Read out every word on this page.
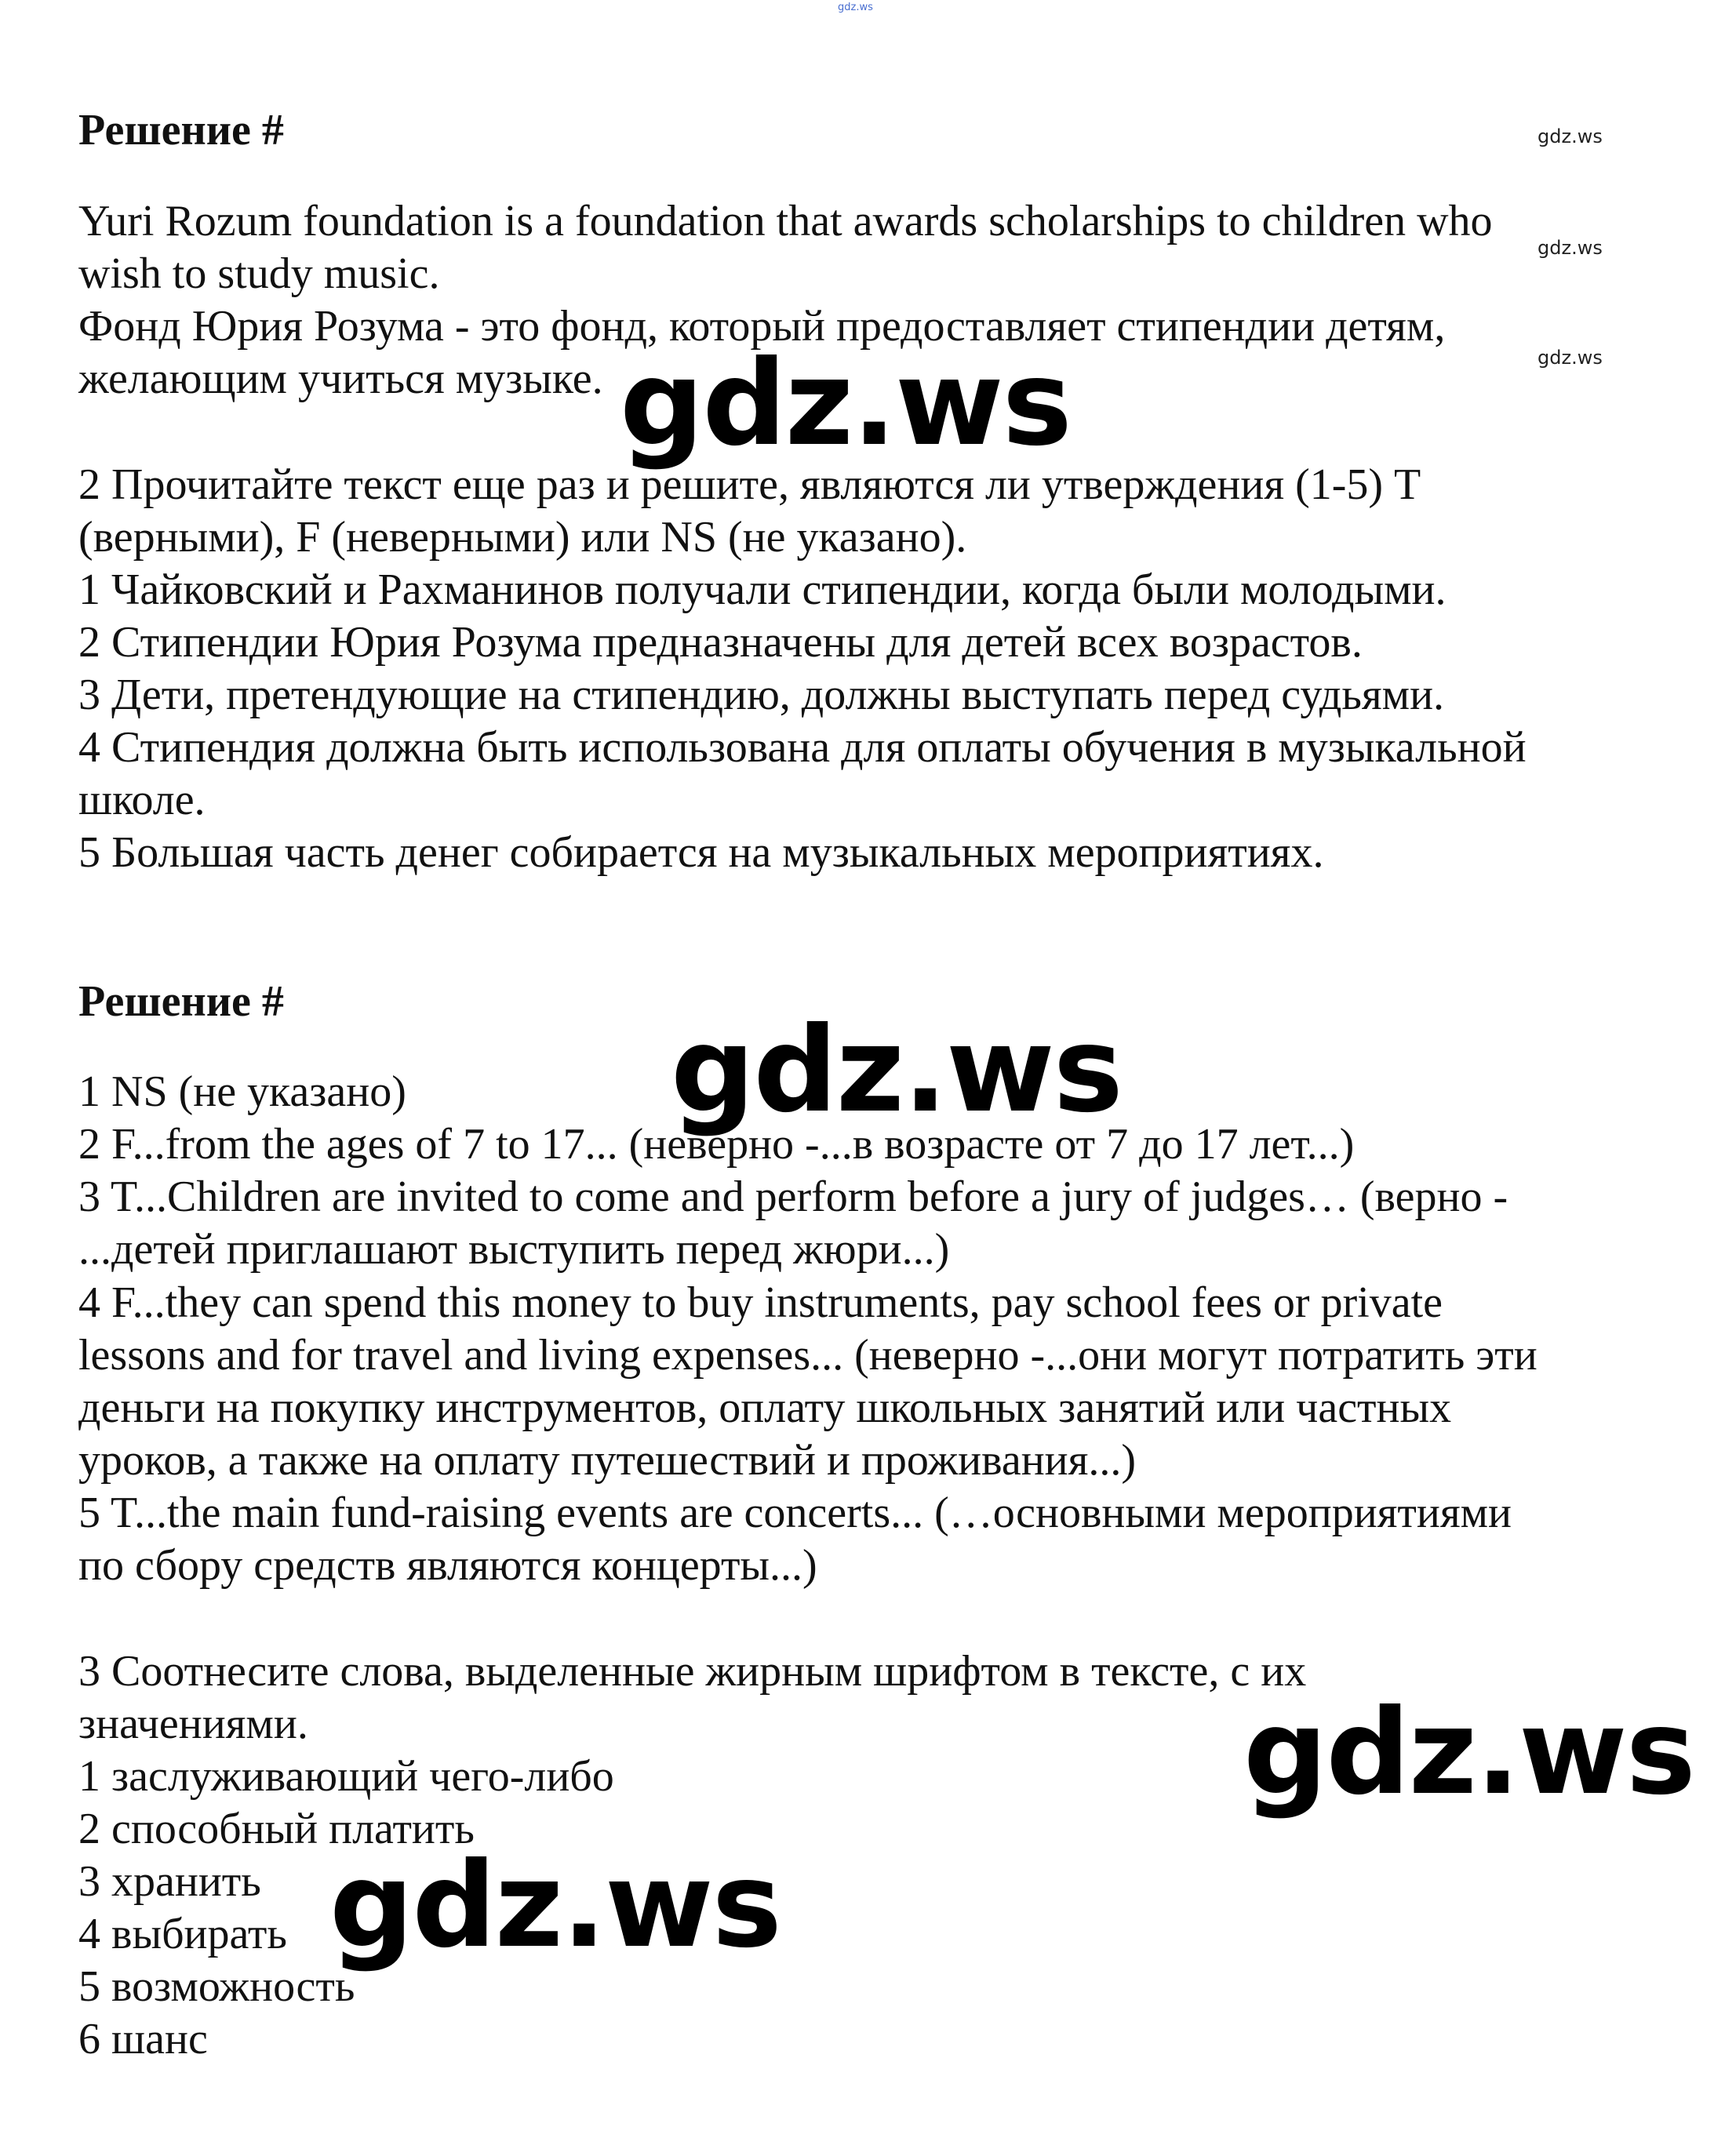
gdz.ws

Решение #

Yuri Rozum foundation is a foundation that awards scholarships to children who

wish to study music.

Фонд Юрия Розума - это фонд, который предоставляет стипендии детям,

желающим учиться музыке.

2 Прочитайте текст еще раз и решите, являются ли утверждения (1-5) T

(верными), F (неверными) или NS (не указано).

1 Чайковский и Рахманинов получали стипендии, когда были молодыми.

2 Стипендии Юрия Розума предназначены для детей всех возрастов.

3 Дети, претендующие на стипендию, должны выступать перед судьями.

4 Стипендия должна быть использована для оплаты обучения в музыкальной

школе.

5 Большая часть денег собирается на музыкальных мероприятиях.

Решение #

1 NS (не указано)

2 F...from the ages of 7 to 17... (неверно -...в возрасте от 7 до 17 лет...)

3 T...Children are invited to come and perform before a jury of judges… (верно -

...детей приглашают выступить перед жюри...)

4 F...they can spend this money to buy instruments, pay school fees or private

lessons and for travel and living expenses... (неверно -...они могут потратить эти

деньги на покупку инструментов, оплату школьных занятий или частных

уроков, а также на оплату путешествий и проживания...)

5 T...the main fund-raising events are concerts... (…основными мероприятиями

по сбору средств являются концерты...)

3 Соотнесите слова, выделенные жирным шрифтом в тексте, с их

значениями.

1 заслуживающий чего-либо

2 способный платить

3 хранить

4 выбирать

5 возможность

6 шанс

gdz.ws
gdz.ws
gdz.ws
gdz.ws
gdz.ws
gdz.ws
gdz.ws
